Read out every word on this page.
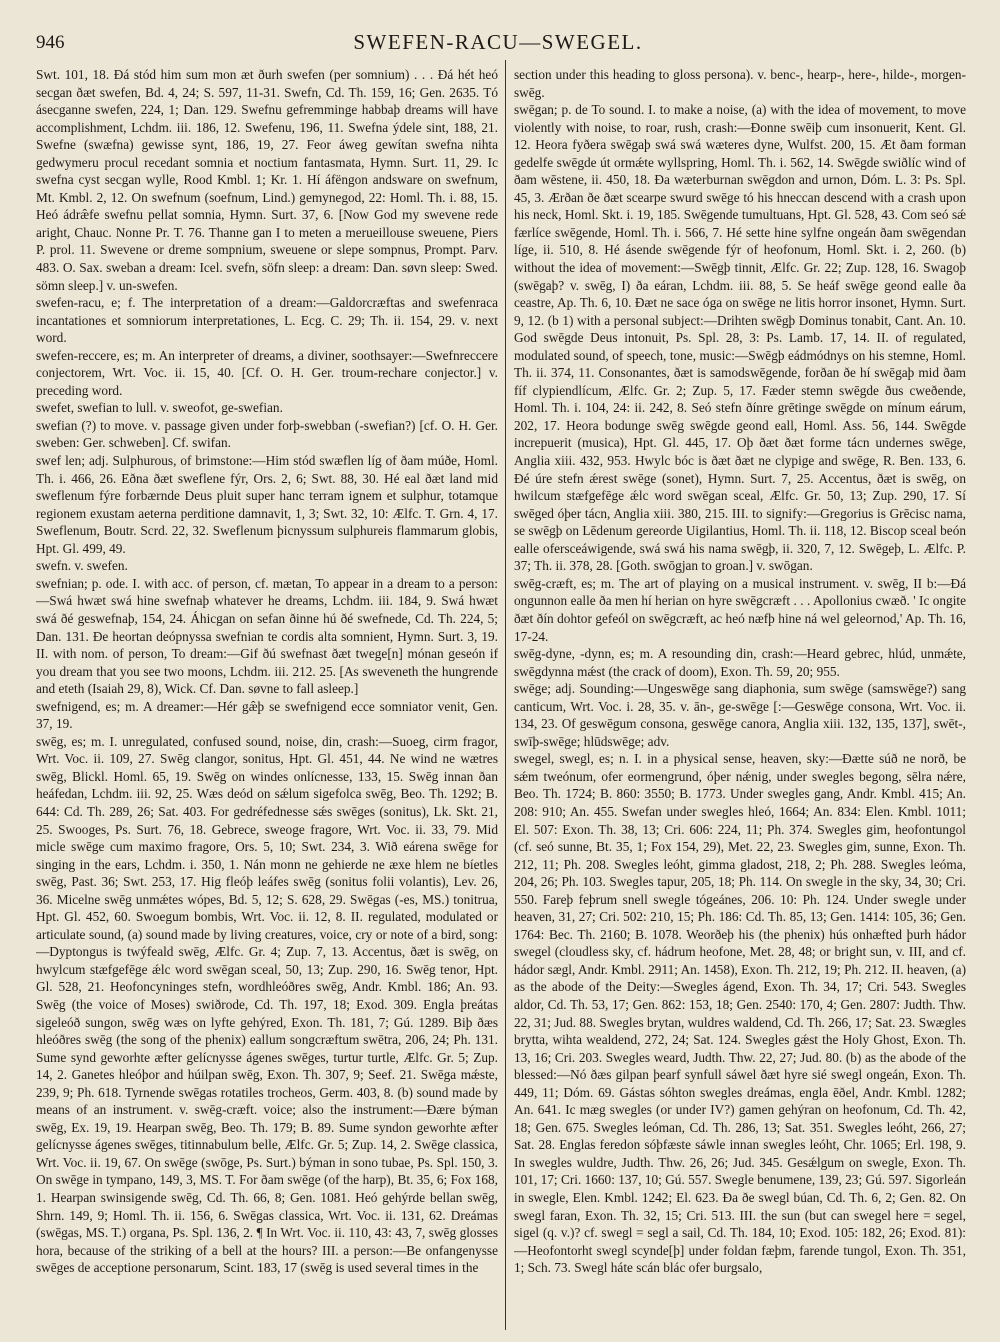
946	SWEFEN-RACU—SWEGEL.

Swt. 101, 18. Ðá stód him sum mon æt ðurh swefen (per somnium) . . . Ðá hét heó secgan ðæt swefen, Bd. 4, 24; S. 597, 11-31. Swefn, Cd. Th. 159, 16; Gen. 2635. Tó ásecganne swefen, 224, 1; Dan. 129. Swefnu gefremminge habbaþ dreams will have accomplishment, Lchdm. iii. 186, 12. Swefenu, 196, 11. Swefna ýdele sint, 188, 21. Swefne (swæfna) gewisse synt, 186, 19, 27. Feor áweg gewítan swefna nihta gedwymeru procul recedant somnia et noctium fantasmata, Hymn. Surt. 11, 29. Ic swefna cyst secgan wylle, Rood Kmbl. 1; Kr. 1. Hí áfëngon andsware on swefnum, Mt. Kmbl. 2, 12. On swefnum (soefnum, Lind.) gemynegod, 22: Homl. Th. i. 88, 15. Heó ádræ̂fe swefnu pellat somnia, Hymn. Surt. 37, 6. [Now God my swevene rede aright, Chauc. Nonne Pr. T. 76. Thanne gan I to meten a merueillouse sweuene, Piers P. prol. 11. Swevene or dreme sompnium, sweuene or slepe sompnus, Prompt. Parv. 483. O. Sax. sweban a dream: Icel. svefn, söfn sleep: a dream: Dan. søvn sleep: Swed. sömn sleep.] v. un-swefen.

swefen-racu, e; f. The interpretation of a dream:—Galdorcræftas and swefenraca incantationes et somniorum interpretationes, L. Ecg. C. 29; Th. ii. 154, 29. v. next word.

swefen-reccere, es; m. An interpreter of dreams, a diviner, soothsayer:—Swefnreccere conjectorem, Wrt. Voc. ii. 15, 40. [Cf. O. H. Ger. troum-rechare conjector.] v. preceding word.

swefet, swefian to lull. v. sweofot, ge-swefian.

swefian (?) to move. v. passage given under forþ-swebban (-swefian?) [cf. O. H. Ger. sweben: Ger. schweben]. Cf. swifan.

swef len; adj. Sulphurous, of brimstone:—Him stód swæflen líg of ðam múðe, Homl. Th. i. 466, 26. Eðna ðæt sweflene fýr, Ors. 2, 6; Swt. 88, 30. Hé eal ðæt land mid sweflenum fýre forbærnde Deus pluit super hanc terram ignem et sulphur, totamque regionem exustam aeterna perditione damnavit, 1, 3; Swt. 32, 10: Ælfc. T. Grn. 4, 17. Sweflenum, Boutr. Scrd. 22, 32. Sweflenum þicnyssum sulphureis flammarum globis, Hpt. Gl. 499, 49.

swefn. v. swefen.

swefnian; p. ode. I. with acc. of person, cf. mætan, To appear in a dream to a person:—Swá hwæt swá hine swefnaþ whatever he dreams, Lchdm. iii. 184, 9. Swá hwæt swá ðé geswefnaþ, 154, 24. Áhicgan on sefan ðinne hú ðé swefnede, Cd. Th. 224, 5; Dan. 131. Ðe heortan deópnyssa swefnian te cordis alta somnient, Hymn. Surt. 3, 19. II. with nom. of person, To dream:—Gif ðú swefnast ðæt twege[n] mónan geseón if you dream that you see two moons, Lchdm. iii. 212. 25. [As sweveneth the hungrende and eteth (Isaiah 29, 8), Wick. Cf. Dan. søvne to fall asleep.]

swefnigend, es; m. A dreamer:—Hér gæ̂þ se swefnigend ecce somniator venit, Gen. 37, 19.

swēg, es; m. I. unregulated, confused sound, noise, din, crash:—Suoeg, cirm fragor, Wrt. Voc. ii. 109, 27. Swēg clangor, sonitus, Hpt. Gl. 451, 44. Ne wind ne wætres swēg, Blickl. Homl. 65, 19. Swēg on windes onlícnesse, 133, 15. Swēg innan ðan heáfedan, Lchdm. iii. 92, 25. Wæs deód on sǽlum sigefolca swēg, Beo. Th. 1292; B. 644: Cd. Th. 289, 26; Sat. 403. For gedréfednesse sǽs swēges (sonitus), Lk. Skt. 21, 25. Swooges, Ps. Surt. 76, 18. Gebrece, sweoge fragore, Wrt. Voc. ii. 33, 79. Mid micle swēge cum maximo fragore, Ors. 5, 10; Swt. 234, 3. Wið eárena swēge for singing in the ears, Lchdm. i. 350, 1. Nán monn ne gehierde ne æxe hlem ne bíetles swēg, Past. 36; Swt. 253, 17. Hig fleóþ leáfes swēg (sonitus folii volantis), Lev. 26, 36. Micelne swēg unmǽtes wópes, Bd. 5, 12; S. 628, 29. Swēgas (-es, MS.) tonitrua, Hpt. Gl. 452, 60. Swoegum bombis, Wrt. Voc. ii. 12, 8. II. regulated, modulated or articulate sound, (a) sound made by living creatures, voice, cry or note of a bird, song:—Dyptongus is twýfeald swēg, Ælfc. Gr. 4; Zup. 7, 13. Accentus, ðæt is swēg, on hwylcum stæfgefēge ǽlc word swēgan sceal, 50, 13; Zup. 290, 16. Swēg tenor, Hpt. Gl. 528, 21. Heofoncyninges stefn, wordhleóðres swēg, Andr. Kmbl. 186; An. 93. Swēg (the voice of Moses) swiðrode, Cd. Th. 197, 18; Exod. 309. Engla þreátas sigeleóð sungon, swēg wæs on lyfte gehýred, Exon. Th. 181, 7; Gú. 1289. Biþ ðæs hleóðres swēg (the song of the phenix) eallum songcræftum swētra, 206, 24; Ph. 131. Sume synd geworhte æfter gelícnysse ágenes swēges, turtur turtle, Ælfc. Gr. 5; Zup. 14, 2. Ganetes hleóþor and húilpan swēg, Exon. Th. 307, 9; Seef. 21. Swēga mǽste, 239, 9; Ph. 618. Tyrnende swēgas rotatiles trocheos, Germ. 403, 8. (b) sound made by means of an instrument. v. swēg-cræft. voice; also the instrument:—Ðære býman swēg, Ex. 19, 19. Hearpan swēg, Beo. Th. 179; B. 89. Sume syndon geworhte æfter gelícnysse ágenes swēges, titinnabulum belle, Ælfc. Gr. 5; Zup. 14, 2. Swēge classica, Wrt. Voc. ii. 19, 67. On swēge (swōge, Ps. Surt.) býman in sono tubae, Ps. Spl. 150, 3. On swēge in tympano, 149, 3, MS. T. For ðam swēge (of the harp), Bt. 35, 6; Fox 168, 1. Hearpan swinsigende swēg, Cd. Th. 66, 8; Gen. 1081. Heó gehýrde bellan swēg, Shrn. 149, 9; Homl. Th. ii. 156, 6. Swēgas classica, Wrt. Voc. ii. 131, 62. Dreámas (swēgas, MS. T.) organa, Ps. Spl. 136, 2. ¶ In Wrt. Voc. ii. 110, 43: 43, 7, swēg glosses hora, because of the striking of a bell at the hours? III. a person:—Be onfangenysse swēges de acceptione personarum, Scint. 183, 17 (swēg is used several times in the

section under this heading to gloss persona). v. benc-, hearp-, here-, hilde-, morgen-swēg.

swēgan; p. de To sound. I. to make a noise, (a) with the idea of movement, to move violently with noise, to roar, rush, crash:—Ðonne swēiþ cum insonuerit, Kent. Gl. 12. Heora fyðera swēgaþ swá swá wæteres dyne, Wulfst. 200, 15. Æt ðam forman gedelfe swēgde út ormǽte wyllspring, Homl. Th. i. 562, 14. Swēgde swiðlíc wind of ðam wēstene, ii. 450, 18. Ða wæterburnan swēgdon and urnon, Dóm. L. 3: Ps. Spl. 45, 3. Ærðan ðe ðæt scearpe swurd swēge tó his hneccan descend with a crash upon his neck, Homl. Skt. i. 19, 185. Swēgende tumultuans, Hpt. Gl. 528, 43. Com seó sǽ færlíce swēgende, Homl. Th. i. 566, 7. Hé sette hine sylfne ongeán ðam swēgendan líge, ii. 510, 8. Hé ásende swēgende fýr of heofonum, Homl. Skt. i. 2, 260. (b) without the idea of movement:—Swēgþ tinnit, Ælfc. Gr. 22; Zup. 128, 16. Swagoþ (swēgaþ? v. swēg, I) ða eáran, Lchdm. iii. 88, 5. Se heáf swēge geond ealle ða ceastre, Ap. Th. 6, 10. Ðæt ne sace óga on swēge ne litis horror insonet, Hymn. Surt. 9, 12. (b 1) with a personal subject:—Drihten swēgþ Dominus tonabit, Cant. An. 10. God swēgde Deus intonuit, Ps. Spl. 28, 3: Ps. Lamb. 17, 14. II. of regulated, modulated sound, of speech, tone, music:—Swēgþ eádmódnys on his stemne, Homl. Th. ii. 374, 11. Consonantes, ðæt is samodswēgende, forðan ðe hí swēgaþ mid ðam fíf clypiendlícum, Ælfc. Gr. 2; Zup. 5, 17. Fæder stemn swēgde ðus cweðende, Homl. Th. i. 104, 24: ii. 242, 8. Seó stefn ðínre grētinge swēgde on mínum eárum, 202, 17. Heora bodunge swēg swēgde geond eall, Homl. Ass. 56, 144. Swēgde increpuerit (musica), Hpt. Gl. 445, 17. Oþ ðæt ðæt forme tácn undernes swēge, Anglia xiii. 432, 953. Hwylc bóc is ðæt ðæt ne clypige and swēge, R. Ben. 133, 6. Ðé úre stefn ǽrest swēge (sonet), Hymn. Surt. 7, 25. Accentus, ðæt is swēg, on hwilcum stæfgefēge ǽlc word swēgan sceal, Ælfc. Gr. 50, 13; Zup. 290, 17. Sí swēged óþer tácn, Anglia xiii. 380, 215. III. to signify:—Gregorius is Grēcisc nama, se swēgþ on Lēdenum gereorde Uigilantius, Homl. Th. ii. 118, 12. Biscop sceal beón ealle ofersceáwigende, swá swá his nama swēgþ, ii. 320, 7, 12. Swēgeþ, L. Ælfc. P. 37; Th. ii. 378, 28. [Goth. swōgjan to groan.] v. swōgan.

swēg-cræft, es; m. The art of playing on a musical instrument. v. swēg, II b:—Ðá ongunnon ealle ða men hí herian on hyre swēgcræft . . . Apollonius cwæð. ' Ic ongite ðæt ðín dohtor gefeól on swēgcræft, ac heó næfþ hine ná wel geleornod,' Ap. Th. 16, 17-24.

swēg-dyne, -dynn, es; m. A resounding din, crash:—Heard gebrec, hlúd, unmǽte, swēgdynna mǽst (the crack of doom), Exon. Th. 59, 20; 955.

swēge; adj. Sounding:—Ungeswēge sang diaphonia, sum swēge (samswēge?) sang canticum, Wrt. Voc. i. 28, 35. v. ān-, ge-swēge [:—Geswēge consona, Wrt. Voc. ii. 134, 23. Of geswēgum consona, geswēge canora, Anglia xiii. 132, 135, 137], swēt-, swīþ-swēge; hlūdswēge; adv.

swegel, swegl, es; n. I. in a physical sense, heaven, sky:—Ðætte súð ne norð, be sǽm tweónum, ofer eormengrund, óþer nǽnig, under swegles begong, sēlra nǽre, Beo. Th. 1724; B. 860: 3550; B. 1773. Under swegles gang, Andr. Kmbl. 415; An. 208: 910; An. 455. Swefan under swegles hleó, 1664; An. 834: Elen. Kmbl. 1011; El. 507: Exon. Th. 38, 13; Cri. 606: 224, 11; Ph. 374. Swegles gim, heofontungol (cf. seó sunne, Bt. 35, 1; Fox 154, 29), Met. 22, 23. Swegles gim, sunne, Exon. Th. 212, 11; Ph. 208. Swegles leóht, gimma gladost, 218, 2; Ph. 288. Swegles leóma, 204, 26; Ph. 103. Swegles tapur, 205, 18; Ph. 114. On swegle in the sky, 34, 30; Cri. 550. Fareþ feþrum snell swegle tógeánes, 206. 10: Ph. 124. Under swegle under heaven, 31, 27; Cri. 502: 210, 15; Ph. 186: Cd. Th. 85, 13; Gen. 1414: 105, 36; Gen. 1764: Bec. Th. 2160; B. 1078. Weorðeþ his (the phenix) hús onhæfted þurh hádor swegel (cloudless sky, cf. hádrum heofone, Met. 28, 48; or bright sun, v. III, and cf. hádor sægl, Andr. Kmbl. 2911; An. 1458), Exon. Th. 212, 19; Ph. 212. II. heaven, (a) as the abode of the Deity:—Swegles ágend, Exon. Th. 34, 17; Cri. 543. Swegles aldor, Cd. Th. 53, 17; Gen. 862: 153, 18; Gen. 2540: 170, 4; Gen. 2807: Judth. Thw. 22, 31; Jud. 88. Swegles brytan, wuldres waldend, Cd. Th. 266, 17; Sat. 23. Swægles brytta, wihta wealdend, 272, 24; Sat. 124. Swegles gǽst the Holy Ghost, Exon. Th. 13, 16; Cri. 203. Swegles weard, Judth. Thw. 22, 27; Jud. 80. (b) as the abode of the blessed:—Nó ðæs gilpan þearf synfull sáwel ðæt hyre sié swegl ongeán, Exon. Th. 449, 11; Dóm. 69. Gástas sóhton swegles dreámas, engla ēðel, Andr. Kmbl. 1282; An. 641. Ic mæg swegles (or under IV?) gamen gehýran on heofonum, Cd. Th. 42, 18; Gen. 675. Swegles leóman, Cd. Th. 286, 13; Sat. 351. Swegles leóht, 266, 27; Sat. 28. Englas feredon sóþfæste sáwle innan swegles leóht, Chr. 1065; Erl. 198, 9. In swegles wuldre, Judth. Thw. 26, 26; Jud. 345. Gesǽlgum on swegle, Exon. Th. 101, 17; Cri. 1660: 137, 10; Gú. 557. Swegle benumene, 139, 23; Gú. 597. Sigorleán in swegle, Elen. Kmbl. 1242; El. 623. Ða ðe swegl búan, Cd. Th. 6, 2; Gen. 82. On swegl faran, Exon. Th. 32, 15; Cri. 513. III. the sun (but can swegel here = segel, sigel (q. v.)? cf. swegl = segl a sail, Cd. Th. 184, 10; Exod. 105: 182, 26; Exod. 81):—Heofontorht swegl scynde[þ] under foldan fæþm, farende tungol, Exon. Th. 351, 1; Sch. 73. Swegl háte scán blác ofer burgsalo,
